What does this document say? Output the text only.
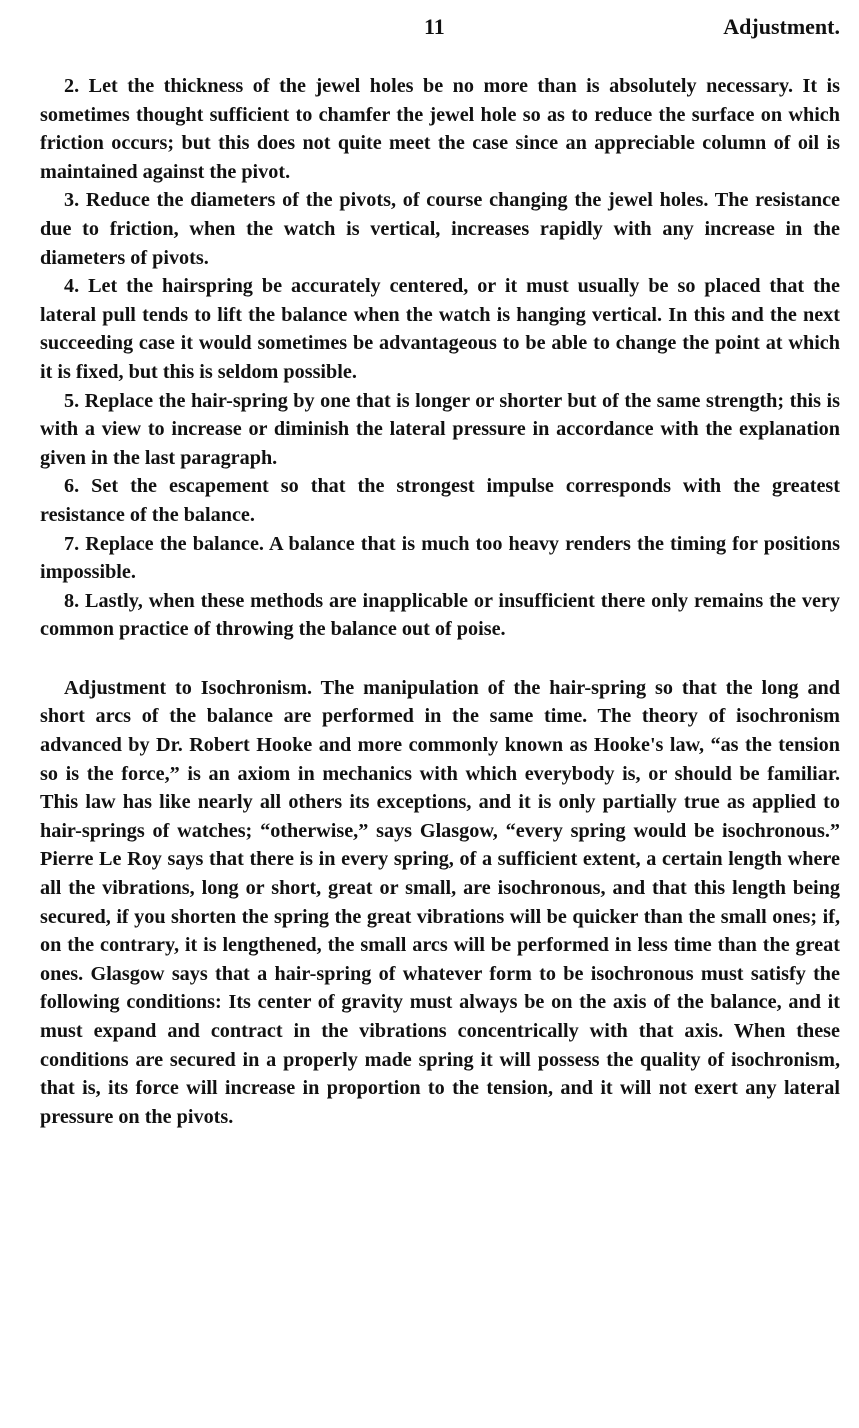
11	Adjustment.

2. Let the thickness of the jewel holes be no more than is absolutely necessary. It is sometimes thought sufficient to chamfer the jewel hole so as to reduce the surface on which friction occurs; but this does not quite meet the case since an appreciable column of oil is maintained against the pivot.

3. Reduce the diameters of the pivots, of course changing the jewel holes. The resistance due to friction, when the watch is vertical, increases rapidly with any increase in the diameters of pivots.

4. Let the hairspring be accurately centered, or it must usually be so placed that the lateral pull tends to lift the balance when the watch is hanging vertical. In this and the next succeeding case it would sometimes be advantageous to be able to change the point at which it is fixed, but this is seldom possible.

5. Replace the hair-spring by one that is longer or shorter but of the same strength; this is with a view to increase or diminish the lateral pressure in accordance with the explanation given in the last paragraph.

6. Set the escapement so that the strongest impulse corresponds with the greatest resistance of the balance.

7. Replace the balance. A balance that is much too heavy renders the timing for positions impossible.

8. Lastly, when these methods are inapplicable or insufficient there only remains the very common practice of throwing the balance out of poise.

Adjustment to Isochronism. The manipulation of the hair-spring so that the long and short arcs of the balance are performed in the same time. The theory of isochronism advanced by Dr. Robert Hooke and more commonly known as Hooke's law, “as the tension so is the force,” is an axiom in mechanics with which everybody is, or should be familiar. This law has like nearly all others its exceptions, and it is only partially true as applied to hair-springs of watches; “otherwise,” says Glasgow, “every spring would be isochronous.” Pierre Le Roy says that there is in every spring, of a sufficient extent, a certain length where all the vibrations, long or short, great or small, are isochronous, and that this length being secured, if you shorten the spring the great vibrations will be quicker than the small ones; if, on the contrary, it is lengthened, the small arcs will be performed in less time than the great ones. Glasgow says that a hair-spring of whatever form to be isochronous must satisfy the following conditions: Its center of gravity must always be on the axis of the balance, and it must expand and contract in the vibrations concentrically with that axis. When these conditions are secured in a properly made spring it will possess the quality of isochronism, that is, its force will increase in proportion to the tension, and it will not exert any lateral pressure on the pivots.
